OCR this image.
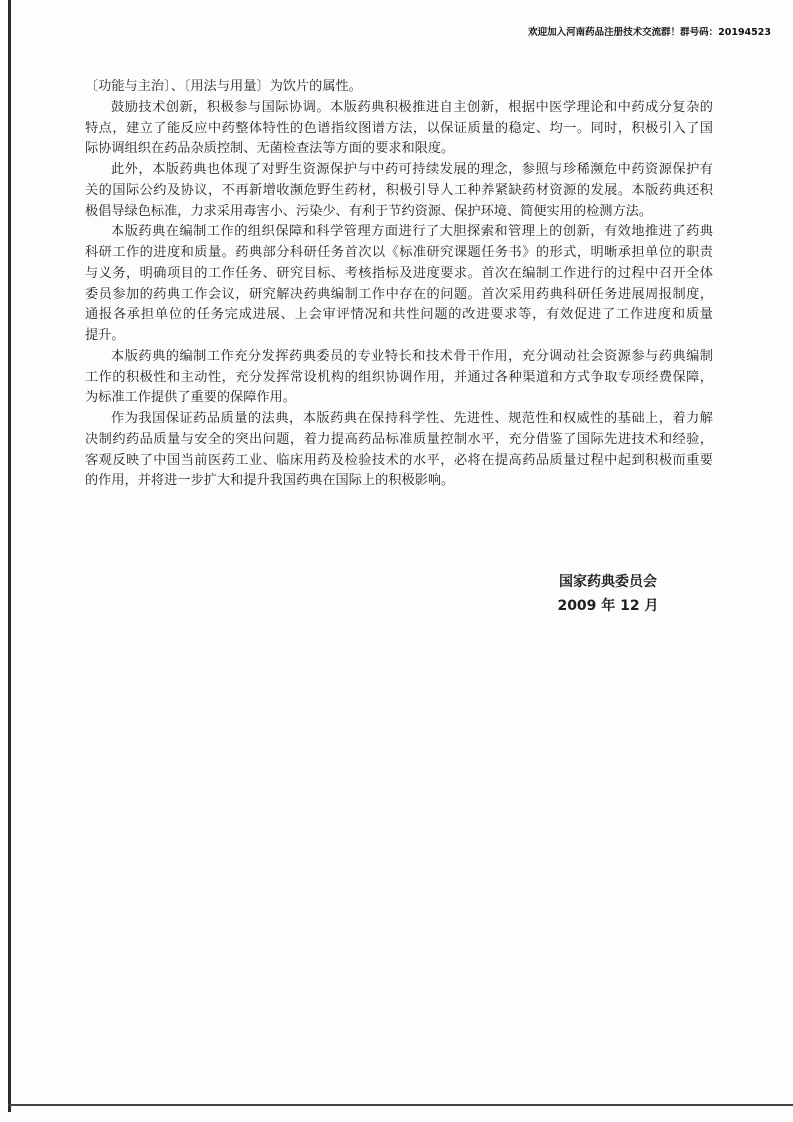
欢迎加入河南药品注册技术交流群！群号码：20194523
〔功能与主治〕、〔用法与用量〕为饮片的属性。
鼓励技术创新，积极参与国际协调。本版药典积极推进自主创新，根据中医学理论和中药成分复杂的
特点，建立了能反应中药整体特性的色谱指纹图谱方法，以保证质量的稳定、均一。同时，积极引入了国
际协调组织在药品杂质控制、无菌检查法等方面的要求和限度。
此外，本版药典也体现了对野生资源保护与中药可持续发展的理念，参照与珍稀濒危中药资源保护有
关的国际公约及协议，不再新增收濒危野生药材，积极引导人工种养紧缺药材资源的发展。本版药典还积
极倡导绿色标准，力求采用毒害小、污染少、有利于节约资源、保护环境、简便实用的检测方法。
本版药典在编制工作的组织保障和科学管理方面进行了大胆探索和管理上的创新，有效地推进了药典
科研工作的进度和质量。药典部分科研任务首次以《标准研究课题任务书》的形式，明晰承担单位的职责
与义务，明确项目的工作任务、研究目标、考核指标及进度要求。首次在编制工作进行的过程中召开全体
委员参加的药典工作会议，研究解决药典编制工作中存在的问题。首次采用药典科研任务进展周报制度，
通报各承担单位的任务完成进展、上会审评情况和共性问题的改进要求等，有效促进了工作进度和质量
提升。
本版药典的编制工作充分发挥药典委员的专业特长和技术骨干作用，充分调动社会资源参与药典编制
工作的积极性和主动性，充分发挥常设机构的组织协调作用，并通过各种渠道和方式争取专项经费保障，
为标准工作提供了重要的保障作用。
作为我国保证药品质量的法典，本版药典在保持科学性、先进性、规范性和权威性的基础上，着力解
决制约药品质量与安全的突出问题，着力提高药品标准质量控制水平，充分借鉴了国际先进技术和经验，
客观反映了中国当前医药工业、临床用药及检验技术的水平，必将在提高药品质量过程中起到积极而重要
的作用，并将进一步扩大和提升我国药典在国际上的积极影响。
国家药典委员会
2009 年 12 月
